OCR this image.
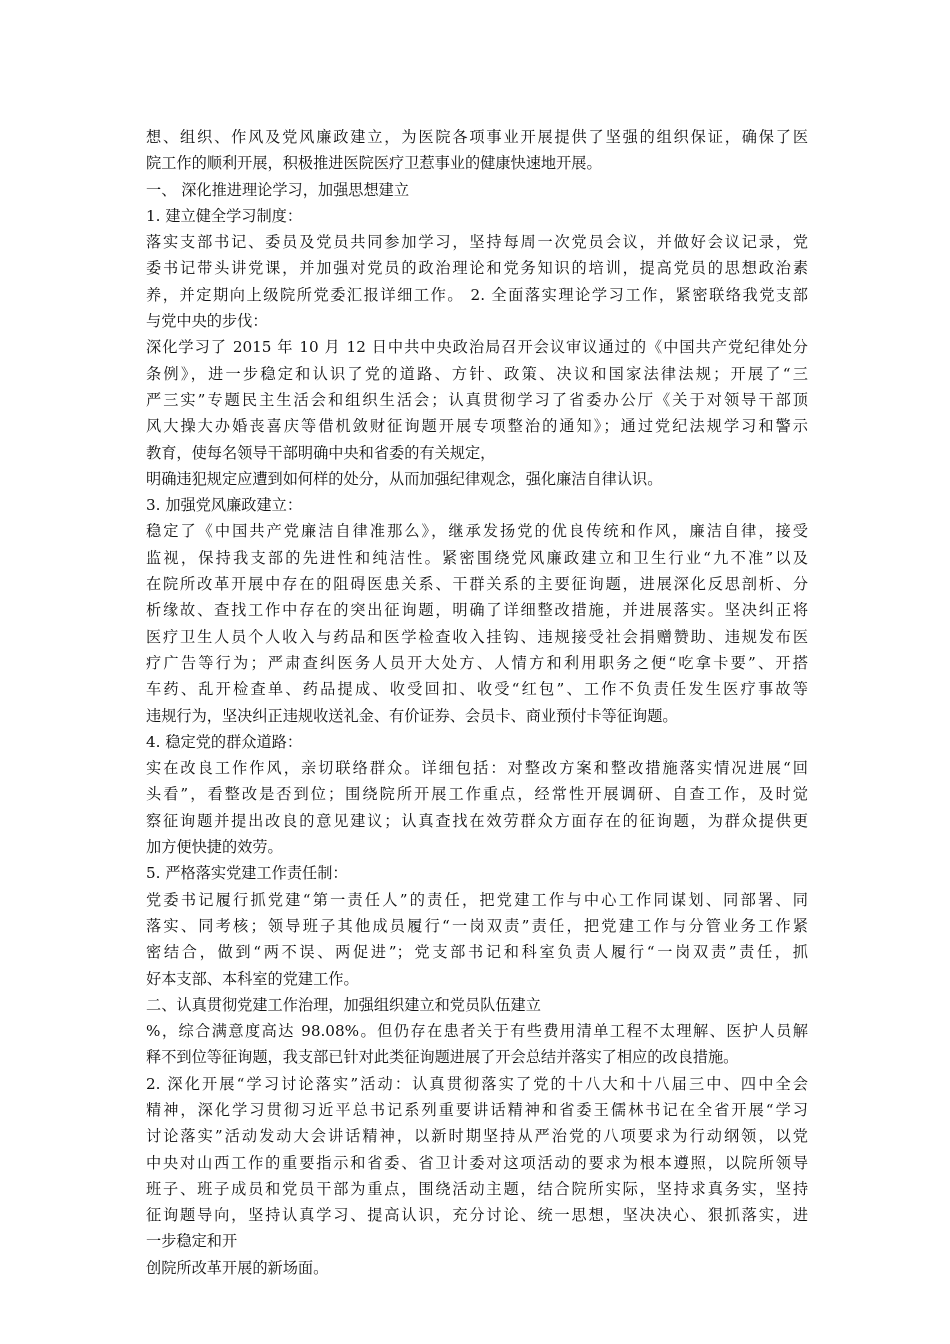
想、组织、作风及党风廉政建立，为医院各项事业开展提供了坚强的组织保证，确保了医
院工作的顺利开展，积极推进医院医疗卫惹事业的健康快速地开展。
一、 深化推进理论学习，加强思想建立
1. 建立健全学习制度：
落实支部书记、委员及党员共同参加学习，坚持每周一次党员会议，并做好会议记录，党
委书记带头讲党课，并加强对党员的政治理论和党务知识的培训，提高党员的思想政治素
养，并定期向上级院所党委汇报详细工作。 2. 全面落实理论学习工作，紧密联络我党支部
与党中央的步伐：
深化学习了 2015 年 10 月 12 日中共中央政治局召开会议审议通过的《中国共产党纪律处分
条例》，进一步稳定和认识了党的道路、方针、政策、决议和国家法律法规；开展了“三
严三实”专题民主生活会和组织生活会；认真贯彻学习了省委办公厅《关于对领导干部顶
风大操大办婚丧喜庆等借机敛财征询题开展专项整治的通知》；通过党纪法规学习和警示
教育，使每名领导干部明确中央和省委的有关规定，
明确违犯规定应遭到如何样的处分，从而加强纪律观念，强化廉洁自律认识。
3. 加强党风廉政建立：
稳定了《中国共产党廉洁自律准那么》，继承发扬党的优良传统和作风，廉洁自律，接受
监视，保持我支部的先进性和纯洁性。紧密围绕党风廉政建立和卫生行业“九不准”以及
在院所改革开展中存在的阻碍医患关系、干群关系的主要征询题，进展深化反思剖析、分
析缘故、查找工作中存在的突出征询题，明确了详细整改措施，并进展落实。坚决纠正将
医疗卫生人员个人收入与药品和医学检查收入挂钩、违规接受社会捐赠赞助、违规发布医
疗广告等行为；严肃查纠医务人员开大处方、人情方和利用职务之便“吃拿卡要”、开搭
车药、乱开检查单、药品提成、收受回扣、收受“红包”、工作不负责任发生医疗事故等
违规行为，坚决纠正违规收送礼金、有价证券、会员卡、商业预付卡等征询题。
4. 稳定党的群众道路：
实在改良工作作风，亲切联络群众。详细包括：对整改方案和整改措施落实情况进展“回
头看”，看整改是否到位；围绕院所开展工作重点，经常性开展调研、自查工作，及时觉
察征询题并提出改良的意见建议；认真查找在效劳群众方面存在的征询题，为群众提供更
加方便快捷的效劳。
5. 严格落实党建工作责任制：
党委书记履行抓党建“第一责任人”的责任，把党建工作与中心工作同谋划、同部署、同
落实、同考核；领导班子其他成员履行“一岗双责”责任，把党建工作与分管业务工作紧
密结合，做到“两不误、两促进”；党支部书记和科室负责人履行“一岗双责”责任，抓
好本支部、本科室的党建工作。
二、认真贯彻党建工作治理，加强组织建立和党员队伍建立
%，综合满意度高达 98.08%。但仍存在患者关于有些费用清单工程不太理解、医护人员解
释不到位等征询题，我支部已针对此类征询题进展了开会总结并落实了相应的改良措施。
2. 深化开展“学习讨论落实”活动：认真贯彻落实了党的十八大和十八届三中、四中全会
精神，深化学习贯彻习近平总书记系列重要讲话精神和省委王儒林书记在全省开展“学习
讨论落实”活动发动大会讲话精神，以新时期坚持从严治党的八项要求为行动纲领，以党
中央对山西工作的重要指示和省委、省卫计委对这项活动的要求为根本遵照，以院所领导
班子、班子成员和党员干部为重点，围绕活动主题，结合院所实际，坚持求真务实，坚持
征询题导向，坚持认真学习、提高认识，充分讨论、统一思想，坚决决心、狠抓落实，进
一步稳定和开
创院所改革开展的新场面。
